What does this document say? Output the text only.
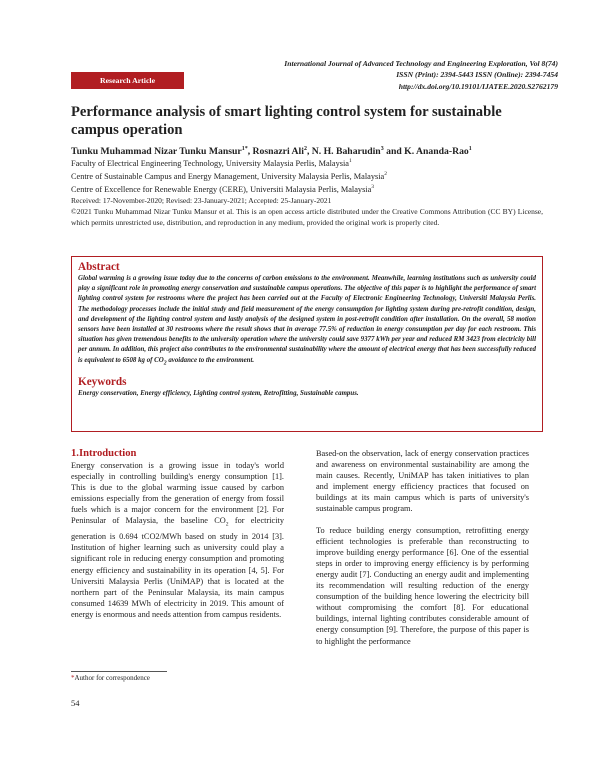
International Journal of Advanced Technology and Engineering Exploration, Vol 8(74)
ISSN (Print): 2394-5443 ISSN (Online): 2394-7454
http://dx.doi.org/10.19101/IJATEE.2020.S2762179
Research Article
Performance analysis of smart lighting control system for sustainable campus operation
Tunku Muhammad Nizar Tunku Mansur$^{1*}$, Rosnazri Ali$^2$, N. H. Baharudin$^3$ and K. Ananda-Rao$^1$
Faculty of Electrical Engineering Technology, University Malaysia Perlis, Malaysia$^1$
Centre of Sustainable Campus and Energy Management, University Malaysia Perlis, Malaysia$^2$
Centre of Excellence for Renewable Energy (CERE), Universiti Malaysia Perlis, Malaysia$^3$
Received: 17-November-2020; Revised: 23-January-2021; Accepted: 25-January-2021
©2021 Tunku Muhammad Nizar Tunku Mansur et al. This is an open access article distributed under the Creative Commons Attribution (CC BY) License, which permits unrestricted use, distribution, and reproduction in any medium, provided the original work is properly cited.
Abstract
Global warming is a growing issue today due to the concerns of carbon emissions to the environment. Meanwhile, learning institutions such as university could play a significant role in promoting energy conservation and sustainable campus operations. The objective of this paper is to highlight the performance of smart lighting control system for restrooms where the project has been carried out at the Faculty of Electronic Engineering Technology, Universiti Malaysia Perlis. The methodology processes include the initial study and field measurement of the energy consumption for lighting system during pre-retrofit condition, design, and development of the lighting control system and lastly analysis of the designed system in post-retrofit condition after installation. On the overall, 58 motion sensors have been installed at 30 restrooms where the result shows that in average 77.5% of reduction in energy consumption per day for each restroom. This situation has given tremendous benefits to the university operation where the university could save 9377 kWh per year and reduced RM 3423 from electricity bill per annum. In addition, this project also contributes to the environmental sustainability where the amount of electrical energy that has been successfully reduced is equivalent to 6508 kg of $CO_2$ avoidance to the environment.
Keywords
Energy conservation, Energy efficiency, Lighting control system, Retrofitting, Sustainable campus.
1.Introduction

Energy conservation is a growing issue in today's world especially in controlling building's energy consumption [1]. This is due to the global warming issue caused by carbon emissions especially from the generation of energy from fossil fuels which is a major concern for the environment [2]. For Peninsular of Malaysia, the baseline $CO_2$ for electricity generation is 0.694 tCO2/MWh based on study in 2014 [3]. Institution of higher learning such as university could play a significant role in reducing energy consumption and promoting energy efficiency and sustainability in its operation [4, 5]. For Universiti Malaysia Perlis (UniMAP) that is located at the northern part of the Peninsular Malaysia, its main campus consumed 14639 MWh of electricity in 2019. This amount of energy is enormous and needs attention from campus residents.

Based-on the observation, lack of energy conservation practices and awareness on environmental sustainability are among the main causes. Recently, UniMAP has taken initiatives to plan and implement energy efficiency practices that focused on buildings at its main campus which is parts of university's sustainable campus program.

To reduce building energy consumption, retrofitting energy efficient technologies is preferable than reconstructing to improve building energy performance [6]. One of the essential steps in order to improving energy efficiency is by performing energy audit [7]. Conducting an energy audit and implementing its recommendation will resulting reduction of the energy consumption of the building hence lowering the electricity bill without compromising the comfort [8]. For educational buildings, internal lighting contributes considerable amount of energy consumption [9]. Therefore, the purpose of this paper is to highlight the performance

*Author for correspondence
54
